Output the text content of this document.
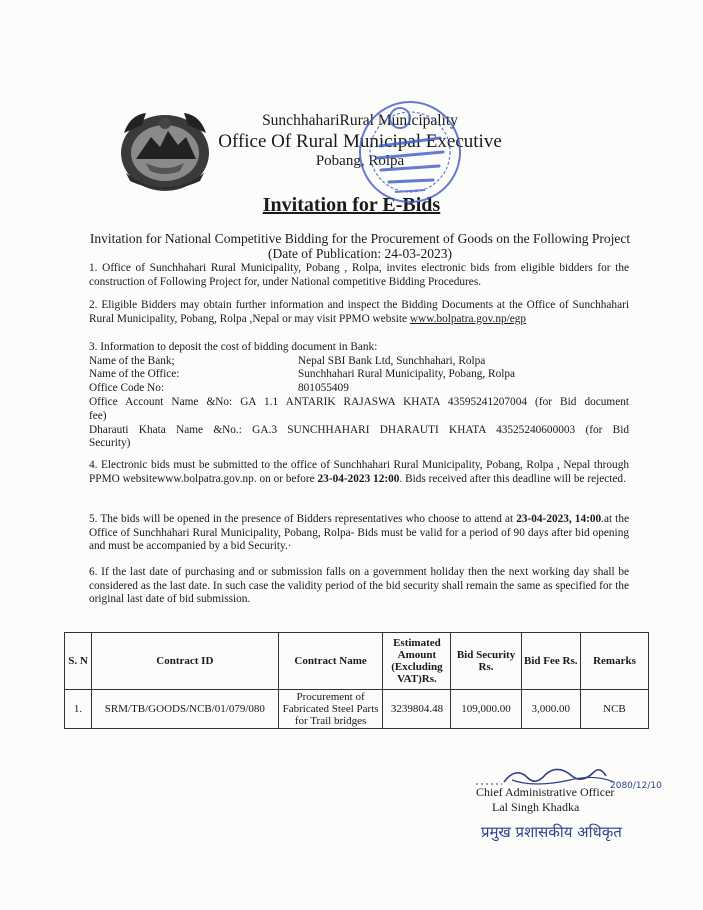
SunchhahariRural Municipality
Office Of Rural Municipal Executive
Pobang, Rolpa
Invitation for E-Bids
Invitation for National Competitive Bidding for the Procurement of Goods on the Following Project
(Date of Publication: 24-03-2023)
1. Office of Sunchhahari Rural Municipality, Pobang , Rolpa, invites electronic bids from eligible bidders for the construction of Following Project for, under National competitive Bidding Procedures.
2. Eligible Bidders may obtain further information and inspect the Bidding Documents at the Office of Sunchhahari Rural Municipality, Pobang, Rolpa ,Nepal or may visit PPMO website www.bolpatra.gov.np/egp
3. Information to deposit the cost of bidding document in Bank:
Name of the Bank;	Nepal SBI Bank Ltd, Sunchhahari, Rolpa
Name of the Office:	Sunchhahari Rural Municipality, Pobang, Rolpa
Office Code No:	801055409
Office Account Name &No: GA 1.1 ANTARIK RAJASWA KHATA 43595241207004 (for Bid document
fee)
Dharauti Khata Name &No.: GA.3 SUNCHHAHARI DHARAUTI KHATA 43525240600003 (for Bid
Security)
4. Electronic bids must be submitted to the office of Sunchhahari Rural Municipality, Pobang, Rolpa , Nepal through PPMO websitewww.bolpatra.gov.np. on or before 23-04-2023 12:00. Bids received after this deadline will be rejected.
5. The bids will be opened in the presence of Bidders representatives who choose to attend at 23-04-2023, 14:00.at the Office of Sunchhahari Rural Municipality, Pobang, Rolpa- Bids must be valid for a period of 90 days after bid opening and must be accompanied by a bid Security.·
6. If the last date of purchasing and or submission falls on a government holiday then the next working day shall be considered as the last date. In such case the validity period of the bid security shall remain the same as specified for the original last date of bid submission.
S. N	Contract ID	Contract Name	Estimated Amount (Excluding VAT)Rs.	Bid Security Rs.	Bid Fee Rs.	Remarks
1.	SRM/TB/GOODS/NCB/01/079/080	Procurement of Fabricated Steel Parts for Trail bridges	3239804.48	109,000.00	3,000.00	NCB
2080/12/10
Chief Administrative Officer
Lal Singh Khadka
प्रमुख प्रशासकीय अधिकृत
